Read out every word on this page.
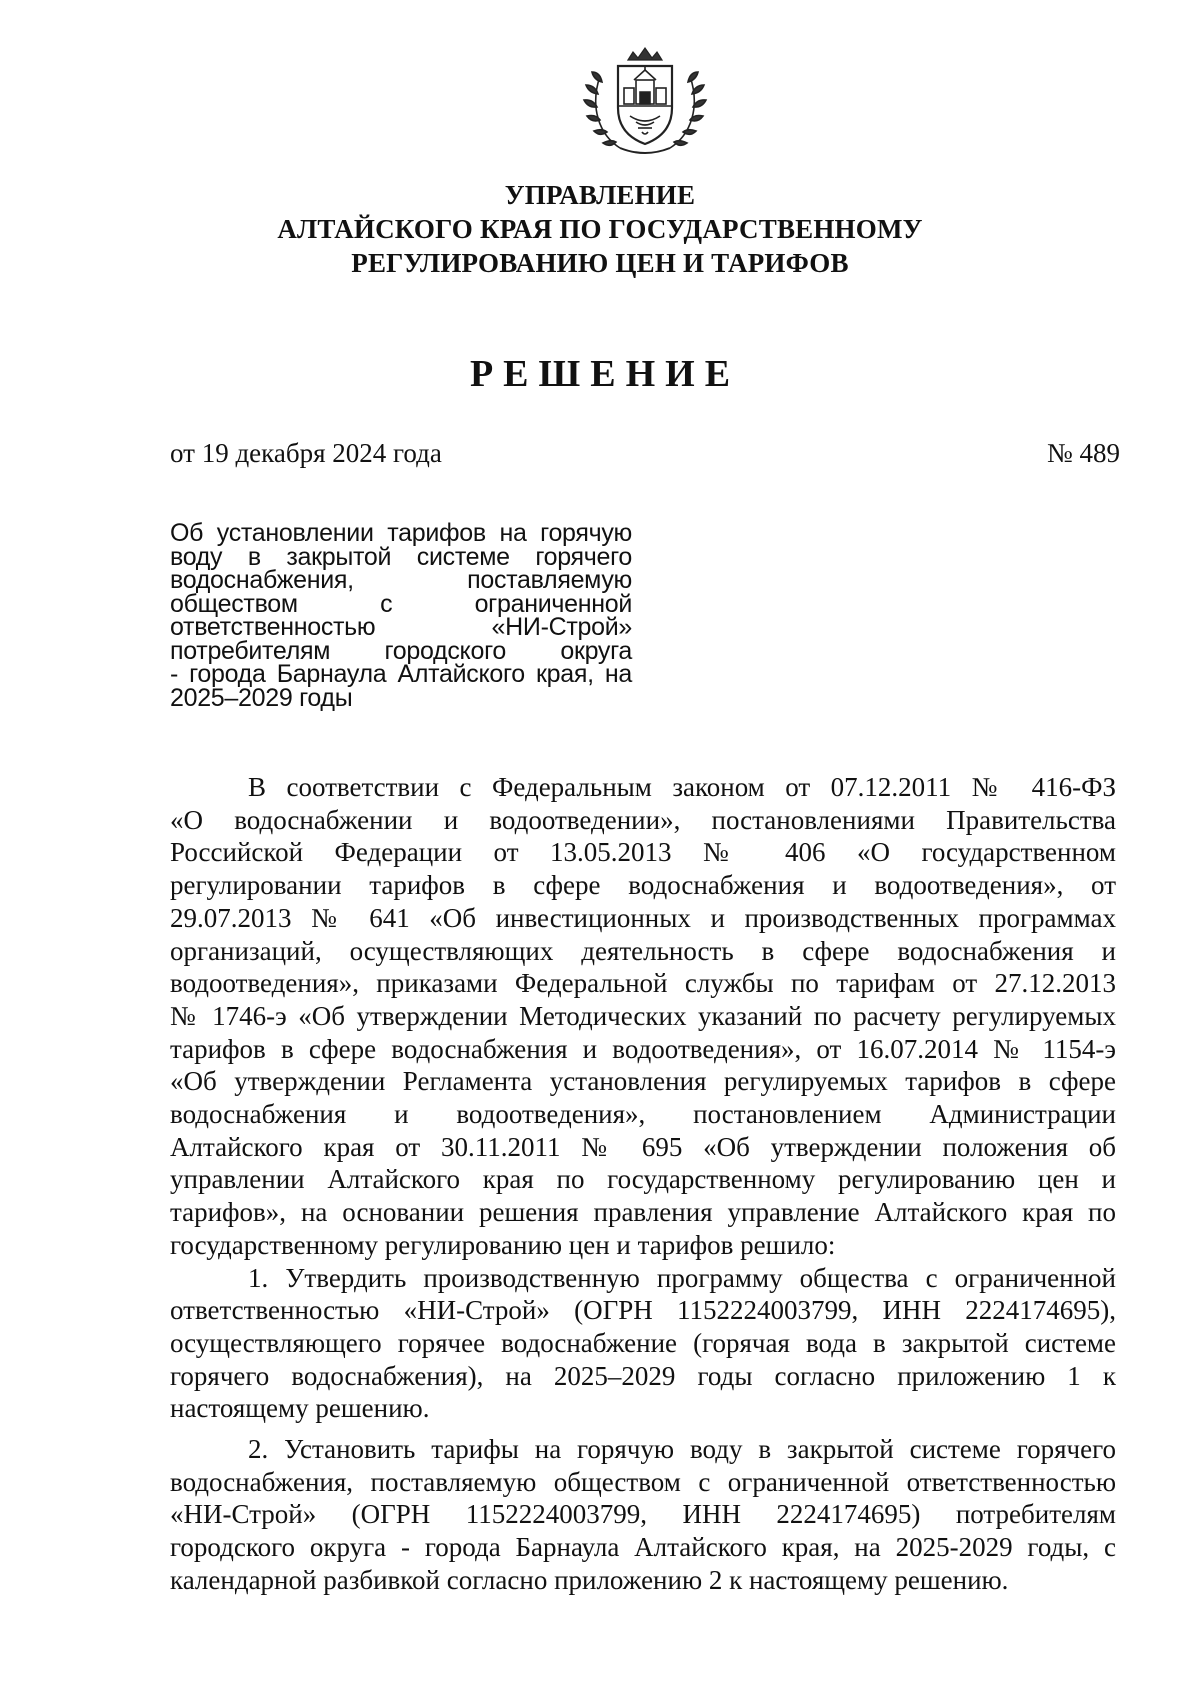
УПРАВЛЕНИЕ
АЛТАЙСКОГО КРАЯ ПО ГОСУДАРСТВЕННОМУ
РЕГУЛИРОВАНИЮ ЦЕН И ТАРИФОВ
РЕШЕНИЕ
от 19 декабря 2024 года	№ 489
Об установлении тарифов на горячую
воду в закрытой системе горячего
водоснабжения, поставляемую
обществом с ограниченной
ответственностью «НИ-Строй»
потребителям городского округа
- города Барнаула Алтайского края, на
2025–2029 годы
В соответствии с Федеральным законом от 07.12.2011 № 416-ФЗ
«О водоснабжении и водоотведении», постановлениями Правительства
Российской Федерации от 13.05.2013 № 406 «О государственном
регулировании тарифов в сфере водоснабжения и водоотведения», от
29.07.2013 № 641 «Об инвестиционных и производственных программах
организаций, осуществляющих деятельность в сфере водоснабжения и
водоотведения», приказами Федеральной службы по тарифам от 27.12.2013
№ 1746-э «Об утверждении Методических указаний по расчету регулируемых
тарифов в сфере водоснабжения и водоотведения», от 16.07.2014 № 1154-э
«Об утверждении Регламента установления регулируемых тарифов в сфере
водоснабжения и водоотведения», постановлением Администрации
Алтайского края от 30.11.2011 № 695 «Об утверждении положения об
управлении Алтайского края по государственному регулированию цен и
тарифов», на основании решения правления управление Алтайского края по
государственному регулированию цен и тарифов решило:
1. Утвердить производственную программу общества с ограниченной
ответственностью «НИ-Строй» (ОГРН 1152224003799, ИНН 2224174695),
осуществляющего горячее водоснабжение (горячая вода в закрытой системе
горячего водоснабжения), на 2025–2029 годы согласно приложению 1 к
настоящему решению.
2. Установить тарифы на горячую воду в закрытой системе горячего
водоснабжения, поставляемую обществом с ограниченной ответственностью
«НИ-Строй» (ОГРН 1152224003799, ИНН 2224174695) потребителям
городского округа - города Барнаула Алтайского края, на 2025-2029 годы, с
календарной разбивкой согласно приложению 2 к настоящему решению.
